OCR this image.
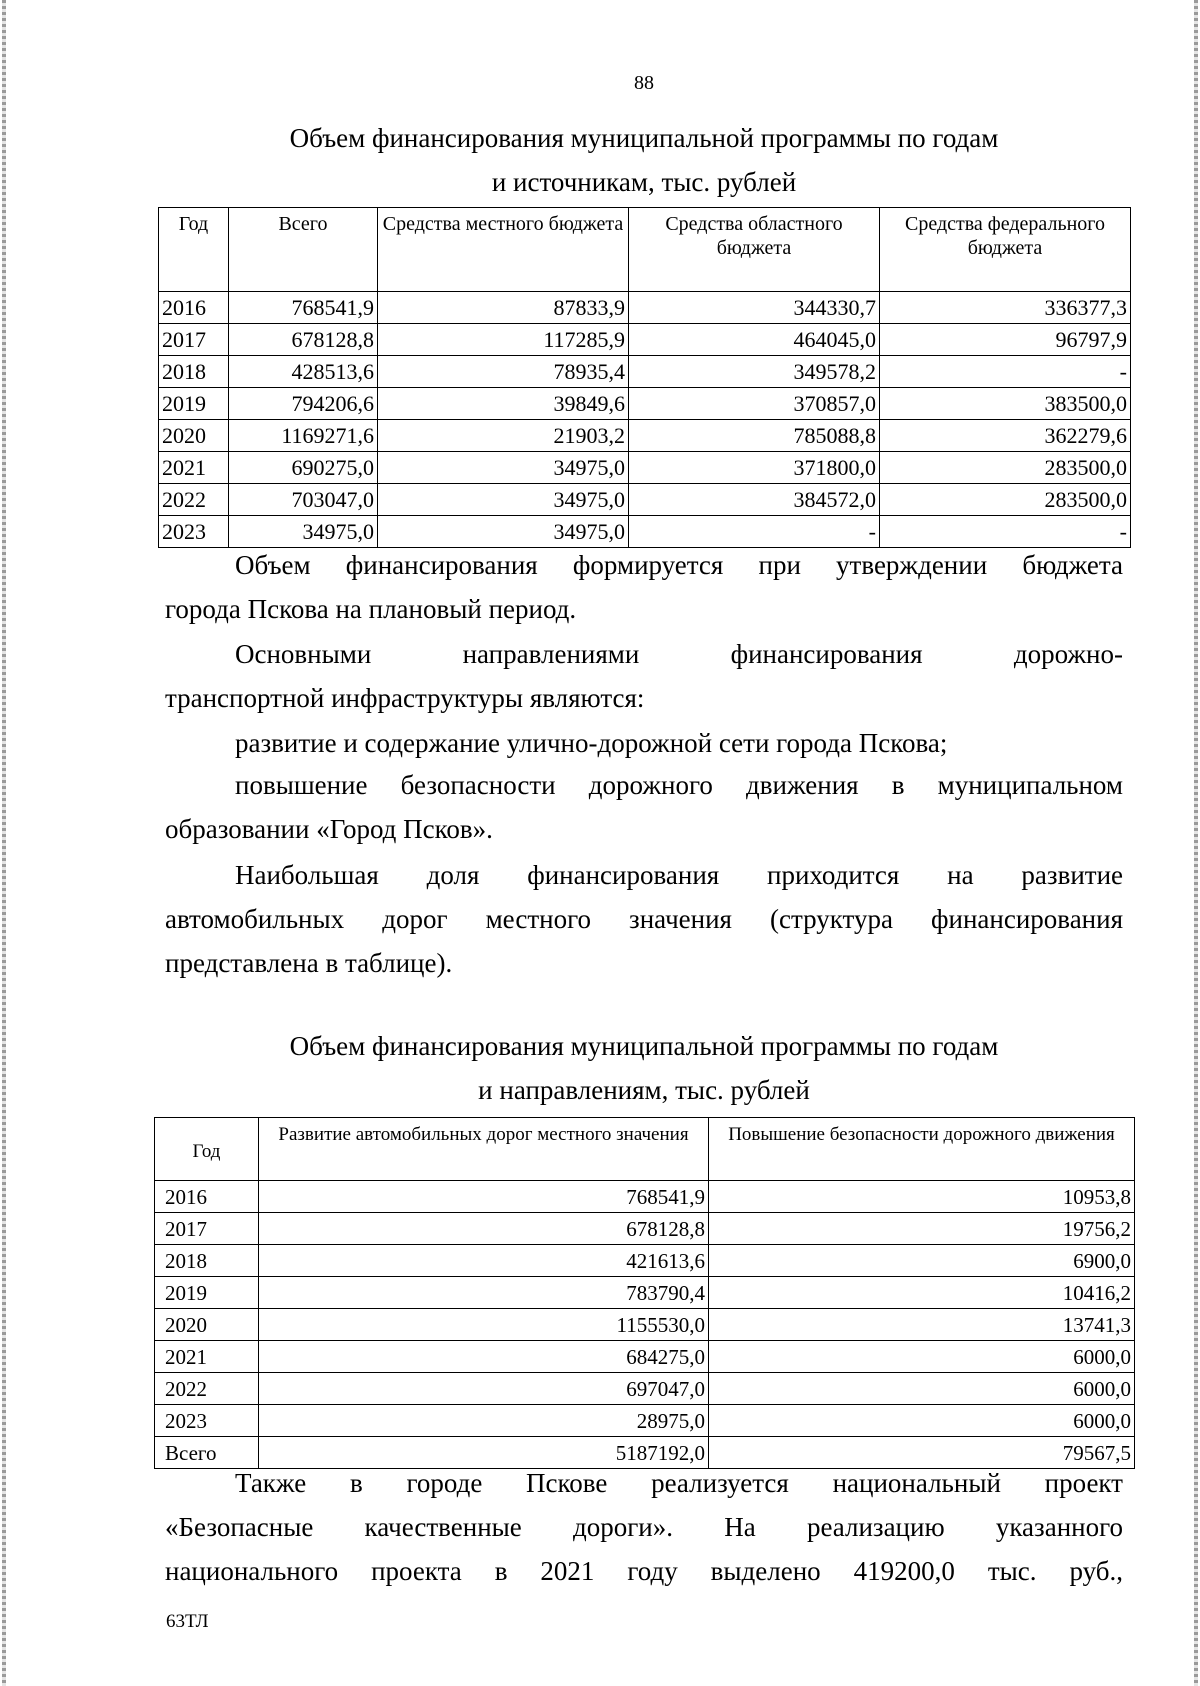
88
Объем финансирования муниципальной программы по годам
и источникам, тыс. рублей
Год	Всего	Средства местного бюджета	Средства областного бюджета	Средства федерального бюджета
2016	768541,9	87833,9	344330,7	336377,3
2017	678128,8	117285,9	464045,0	96797,9
2018	428513,6	78935,4	349578,2	-
2019	794206,6	39849,6	370857,0	383500,0
2020	1169271,6	21903,2	785088,8	362279,6
2021	690275,0	34975,0	371800,0	283500,0
2022	703047,0	34975,0	384572,0	283500,0
2023	34975,0	34975,0	-	-
Объем финансирования формируется при утверждении бюджета
города Пскова на плановый период.
Основными направлениями финансирования дорожно-
транспортной инфраструктуры являются:
развитие и содержание улично-дорожной сети города Пскова;
повышение безопасности дорожного движения в муниципальном
образовании «Город Псков».
Наибольшая доля финансирования приходится на развитие
автомобильных дорог местного значения (структура финансирования
представлена в таблице).
Объем финансирования муниципальной программы по годам
и направлениям, тыс. рублей
Год	Развитие автомобильных дорог местного значения	Повышение безопасности дорожного движения
2016	768541,9	10953,8
2017	678128,8	19756,2
2018	421613,6	6900,0
2019	783790,4	10416,2
2020	1155530,0	13741,3
2021	684275,0	6000,0
2022	697047,0	6000,0
2023	28975,0	6000,0
Всего	5187192,0	79567,5
Также в городе Пскове реализуется национальный проект
«Безопасные качественные дороги». На реализацию указанного
национального проекта в 2021 году выделено 419200,0 тыс. руб.,
63ТЛ
